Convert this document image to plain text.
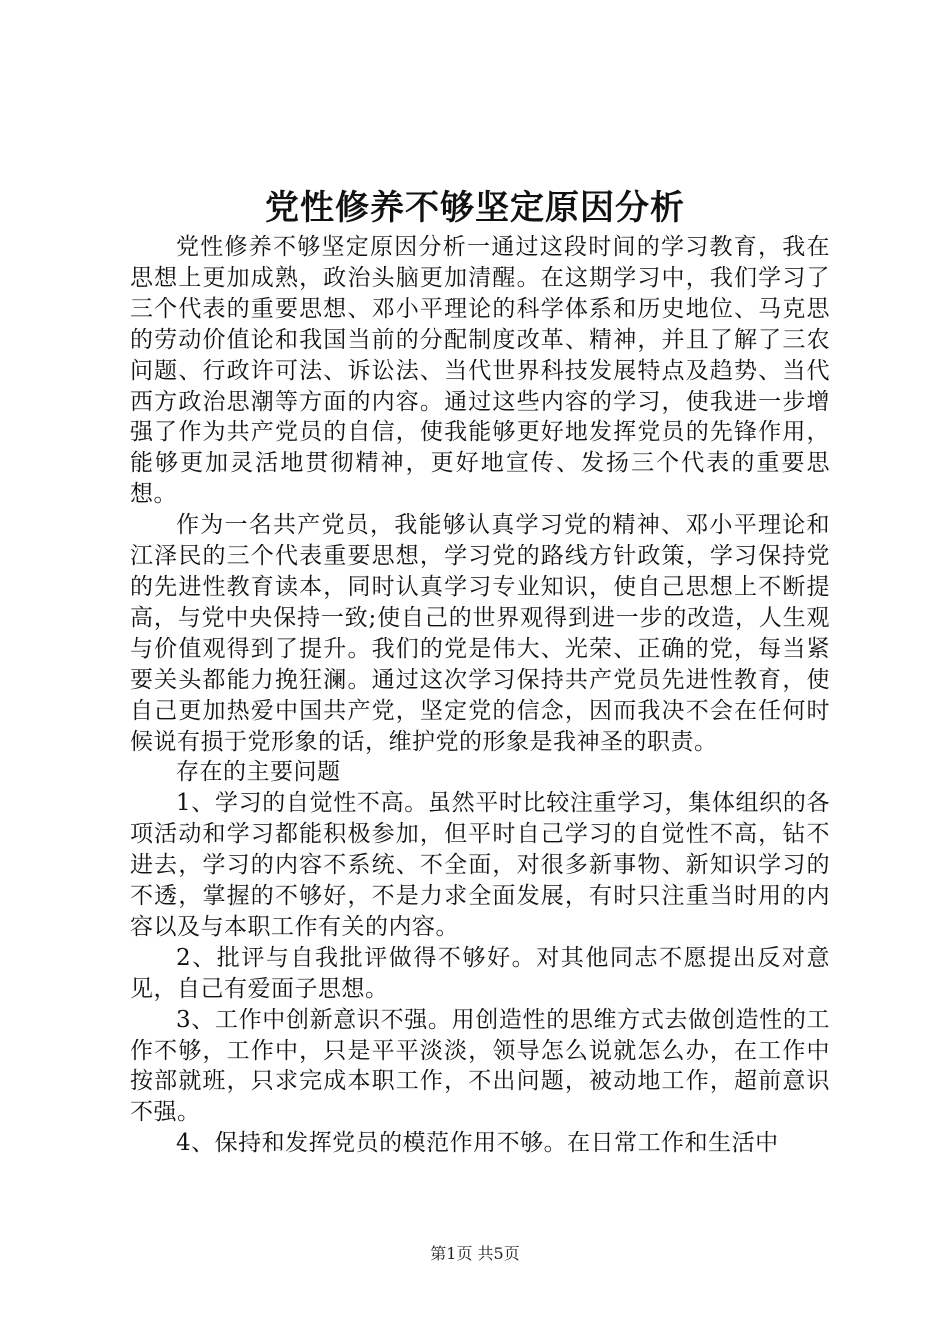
党性修养不够坚定原因分析

党性修养不够坚定原因分析一通过这段时间的学习教育，我在思想上更加成熟，政治头脑更加清醒。在这期学习中，我们学习了三个代表的重要思想、邓小平理论的科学体系和历史地位、马克思的劳动价值论和我国当前的分配制度改革、精神，并且了解了三农问题、行政许可法、诉讼法、当代世界科技发展特点及趋势、当代西方政治思潮等方面的内容。通过这些内容的学习，使我进一步增强了作为共产党员的自信，使我能够更好地发挥党员的先锋作用，能够更加灵活地贯彻精神，更好地宣传、发扬三个代表的重要思想。

作为一名共产党员，我能够认真学习党的精神、邓小平理论和江泽民的三个代表重要思想，学习党的路线方针政策，学习保持党的先进性教育读本，同时认真学习专业知识，使自己思想上不断提高，与党中央保持一致;使自己的世界观得到进一步的改造，人生观与价值观得到了提升。我们的党是伟大、光荣、正确的党，每当紧要关头都能力挽狂澜。通过这次学习保持共产党员先进性教育，使自己更加热爱中国共产党，坚定党的信念，因而我决不会在任何时候说有损于党形象的话，维护党的形象是我神圣的职责。

存在的主要问题

1、学习的自觉性不高。虽然平时比较注重学习，集体组织的各项活动和学习都能积极参加，但平时自己学习的自觉性不高，钻不进去，学习的内容不系统、不全面，对很多新事物、新知识学习的不透，掌握的不够好，不是力求全面发展，有时只注重当时用的内容以及与本职工作有关的内容。

2、批评与自我批评做得不够好。对其他同志不愿提出反对意见，自己有爱面子思想。

3、工作中创新意识不强。用创造性的思维方式去做创造性的工作不够，工作中，只是平平淡淡，领导怎么说就怎么办，在工作中按部就班，只求完成本职工作，不出问题，被动地工作，超前意识不强。

4、保持和发挥党员的模范作用不够。在日常工作和生活中

第1页 共5页
